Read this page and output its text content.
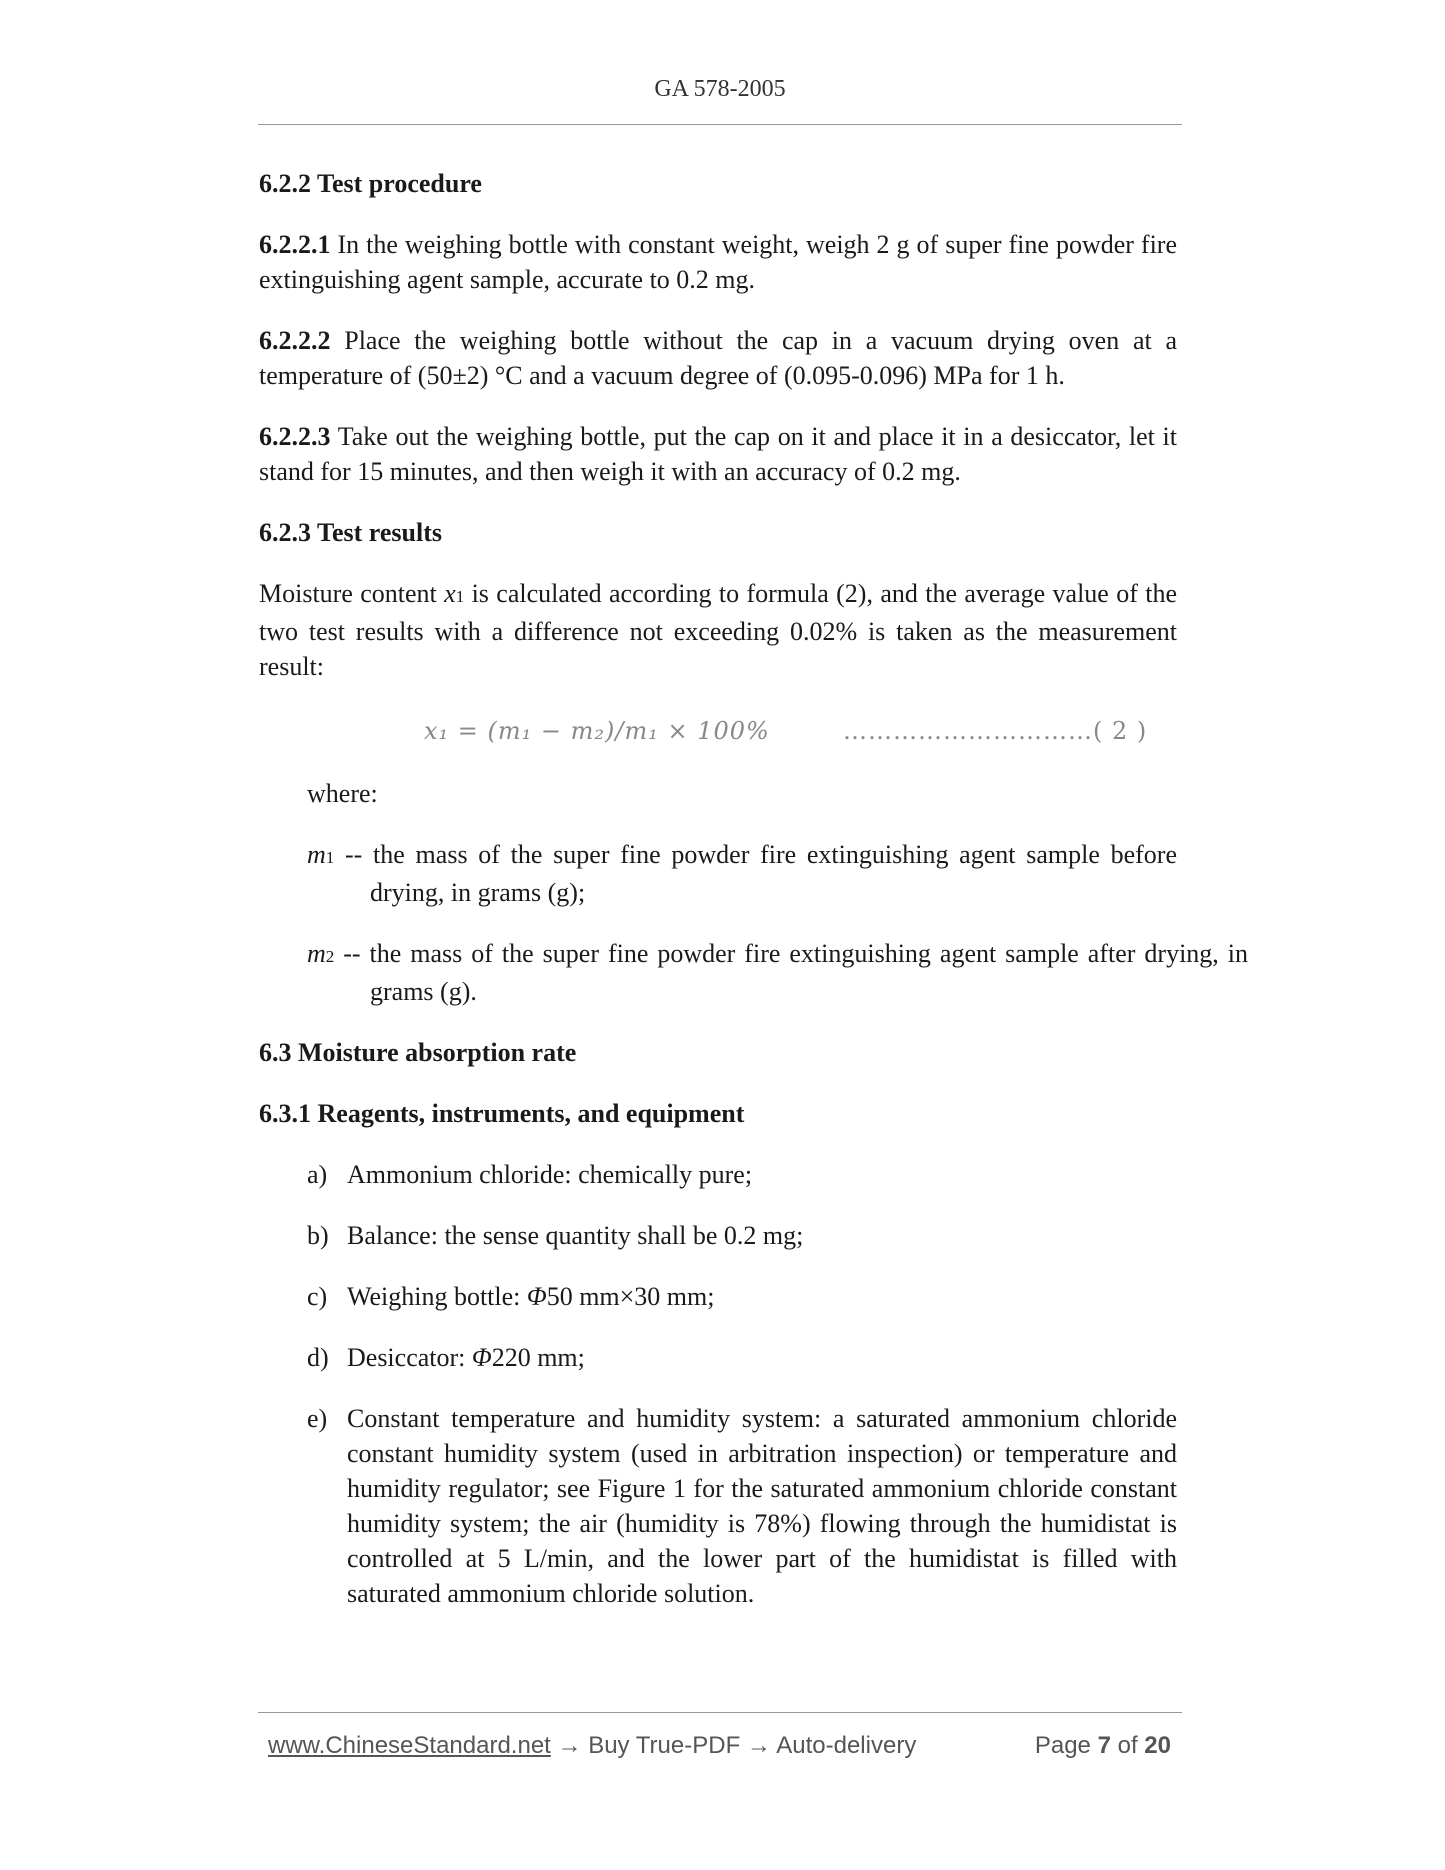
GA 578-2005
6.2.2 Test procedure

6.2.2.1 In the weighing bottle with constant weight, weigh 2 g of super fine powder fire extinguishing agent sample, accurate to 0.2 mg.

6.2.2.2 Place the weighing bottle without the cap in a vacuum drying oven at a temperature of (50±2) °C and a vacuum degree of (0.095-0.096) MPa for 1 h.

6.2.2.3 Take out the weighing bottle, put the cap on it and place it in a desiccator, let it stand for 15 minutes, and then weigh it with an accuracy of 0.2 mg.

6.2.3 Test results

Moisture content x1 is calculated according to formula (2), and the average value of the two test results with a difference not exceeding 0.02% is taken as the measurement result:

x₁ = (m₁ − m₂)/m₁ × 100%	…………………………( 2 )

where:

m1 -- the mass of the super fine powder fire extinguishing agent sample before drying, in grams (g);

m2 -- the mass of the super fine powder fire extinguishing agent sample after drying, in grams (g).

6.3 Moisture absorption rate
6.3.1 Reagents, instruments, and equipment
a) Ammonium chloride: chemically pure;
b) Balance: the sense quantity shall be 0.2 mg;
c) Weighing bottle: Φ50 mm×30 mm;
d) Desiccator: Φ220 mm;
e) Constant temperature and humidity system: a saturated ammonium chloride constant humidity system (used in arbitration inspection) or temperature and humidity regulator; see Figure 1 for the saturated ammonium chloride constant humidity system; the air (humidity is 78%) flowing through the humidistat is controlled at 5 L/min, and the lower part of the humidistat is filled with saturated ammonium chloride solution.
www.ChineseStandard.net → Buy True-PDF → Auto-delivery	Page 7 of 20
